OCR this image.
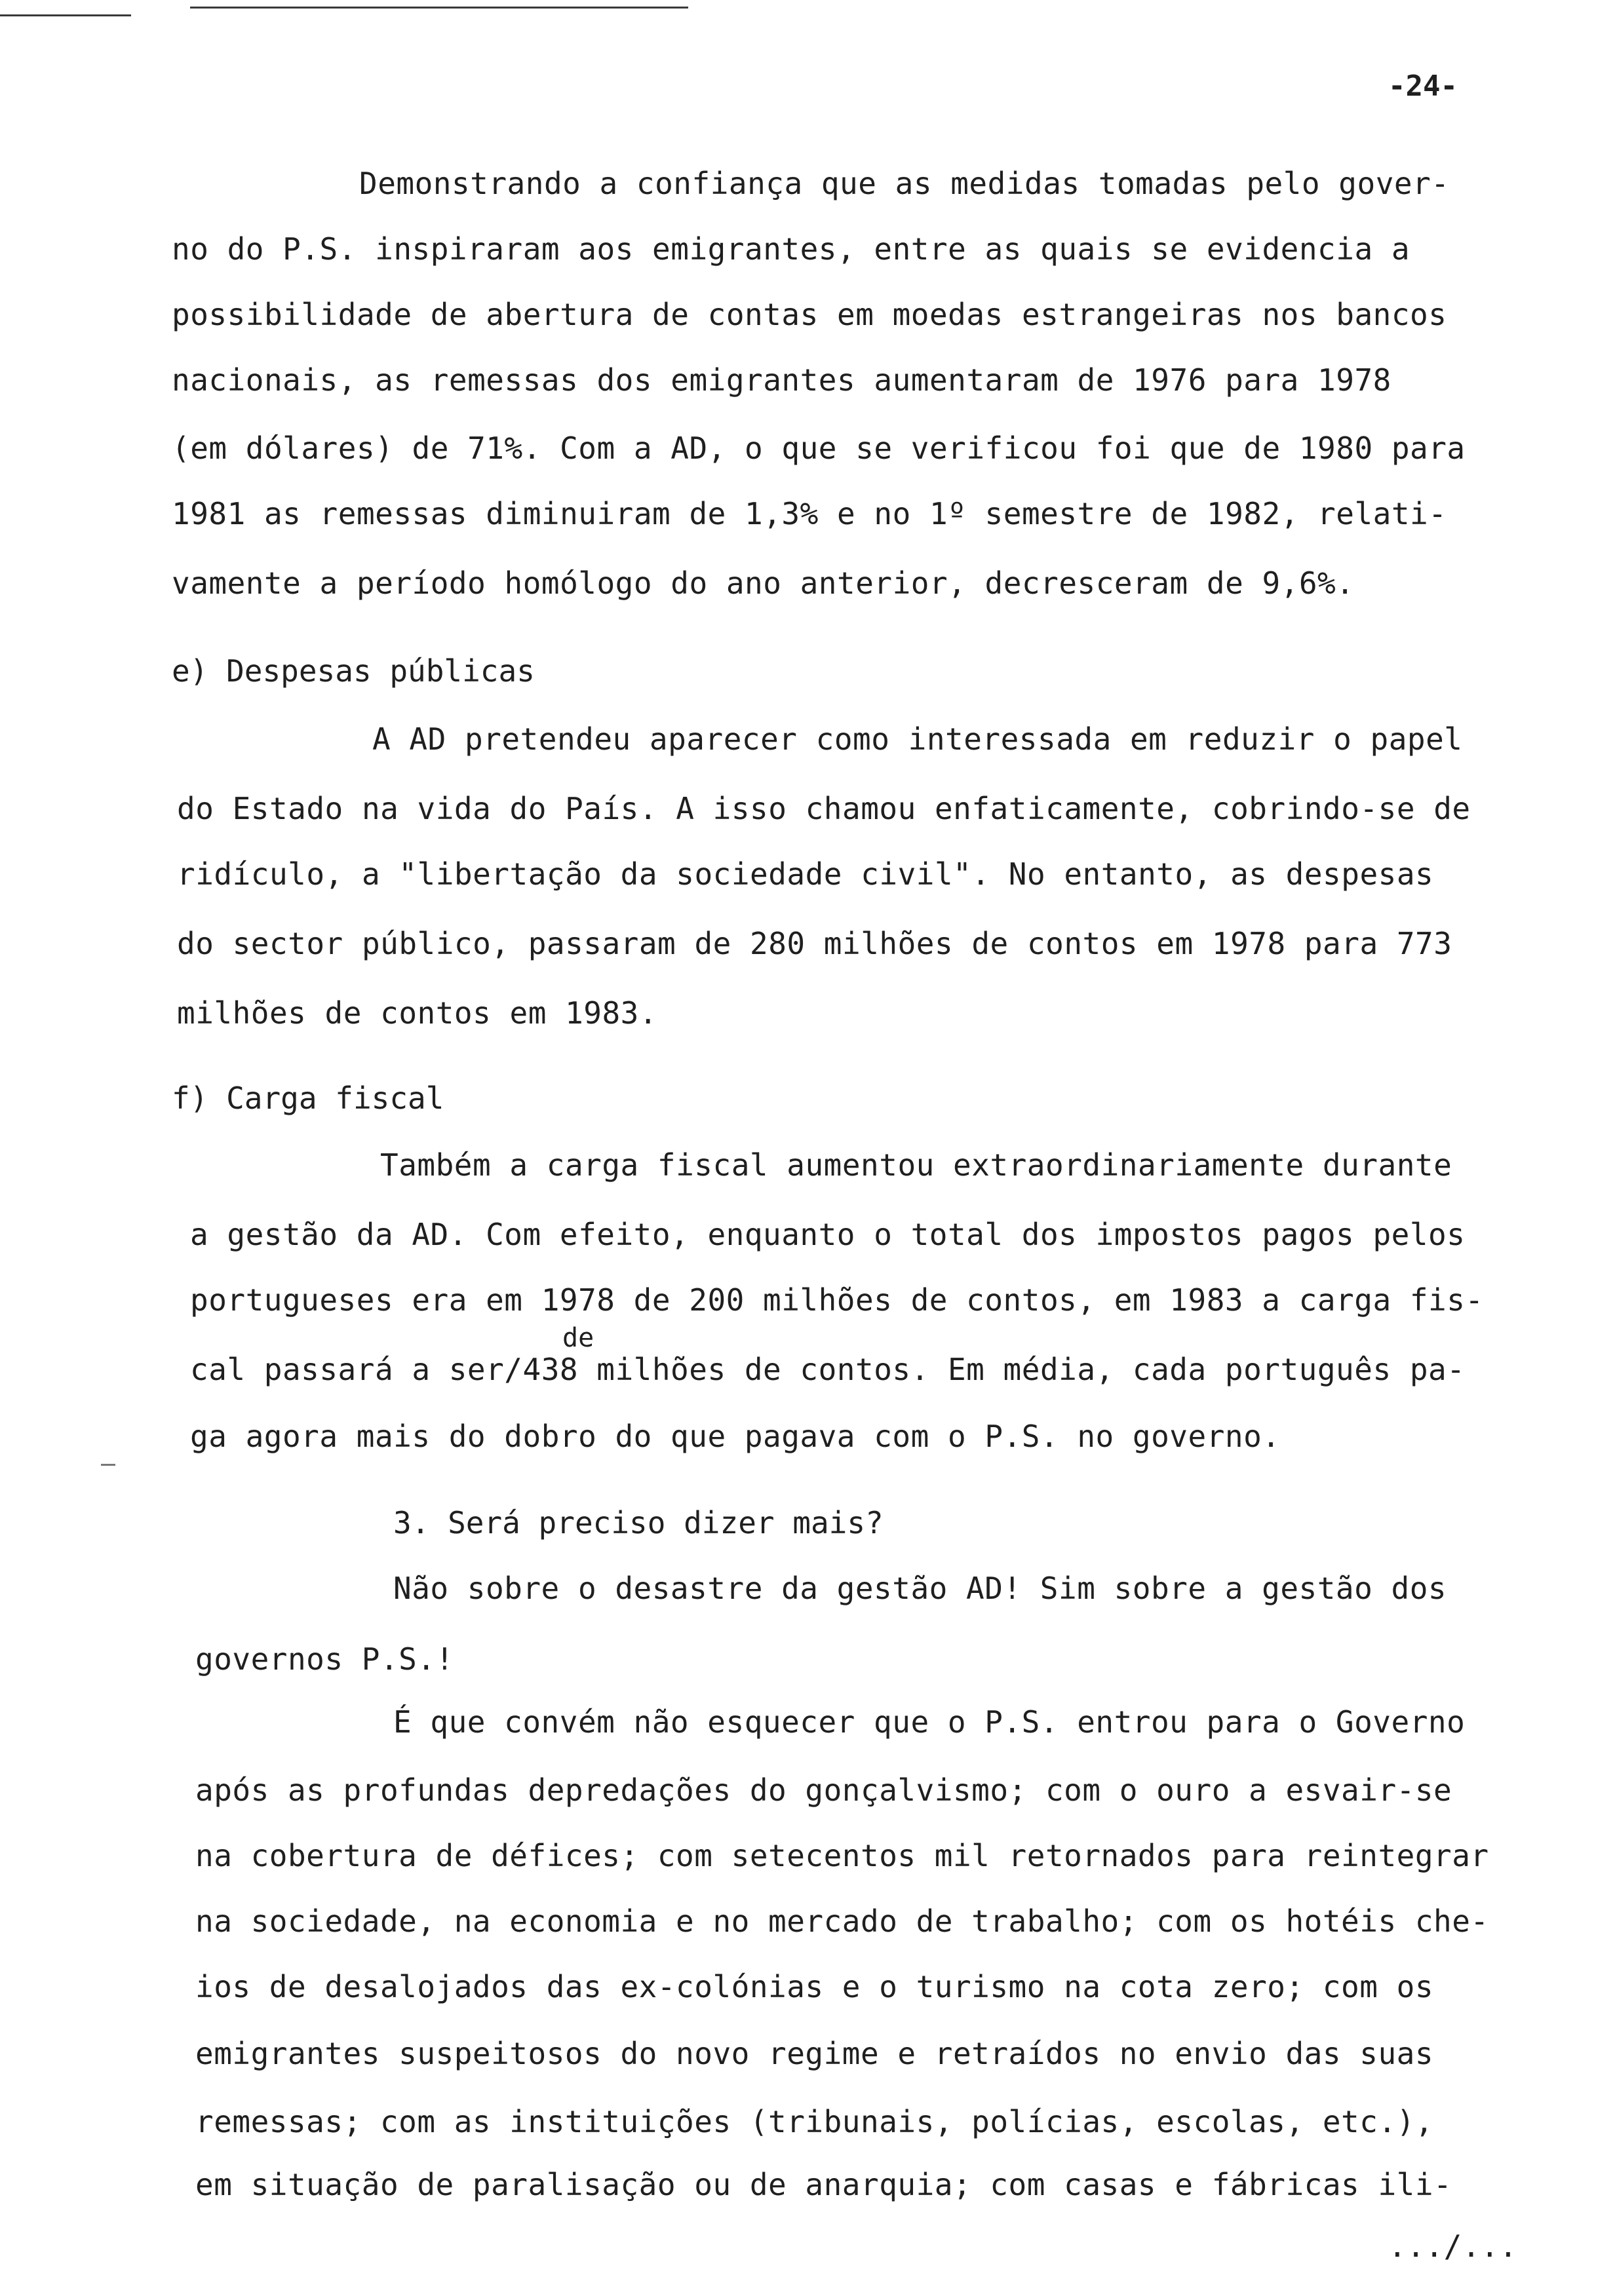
-24-
Demonstrando a confiança que as medidas tomadas pelo gover-
no do P.S. inspiraram aos emigrantes, entre as quais se evidencia a
possibilidade de abertura de contas em moedas estrangeiras nos bancos
nacionais, as remessas dos emigrantes aumentaram de 1976 para 1978
(em dólares) de 71%. Com a AD, o que se verificou foi que de 1980 para
1981 as remessas diminuiram de 1,3% e no 1º semestre de 1982, relati-
vamente a período homólogo do ano anterior, decresceram de 9,6%.
e) Despesas públicas
A AD pretendeu aparecer como interessada em reduzir o papel
do Estado na vida do País. A isso chamou enfaticamente, cobrindo-se de
ridículo, a "libertação da sociedade civil". No entanto, as despesas
do sector público, passaram de 280 milhões de contos em 1978 para 773
milhões de contos em 1983.
f) Carga fiscal
Também a carga fiscal aumentou extraordinariamente durante
a gestão da AD. Com efeito, enquanto o total dos impostos pagos pelos
portugueses era em 1978 de 200 milhões de contos, em 1983 a carga fis-
de
cal passará a ser/438 milhões de contos. Em média, cada português pa-
ga agora mais do dobro do que pagava com o P.S. no governo.
3. Será preciso dizer mais?
Não sobre o desastre da gestão AD! Sim sobre a gestão dos
governos P.S.!
É que convém não esquecer que o P.S. entrou para o Governo
após as profundas depredações do gonçalvismo; com o ouro a esvair-se
na cobertura de défices; com setecentos mil retornados para reintegrar
na sociedade, na economia e no mercado de trabalho; com os hotéis che-
ios de desalojados das ex-colónias e o turismo na cota zero; com os
emigrantes suspeitosos do novo regime e retraídos no envio das suas
remessas; com as instituições (tribunais, polícias, escolas, etc.),
em situação de paralisação ou de anarquia; com casas e fábricas ili-
.../...
